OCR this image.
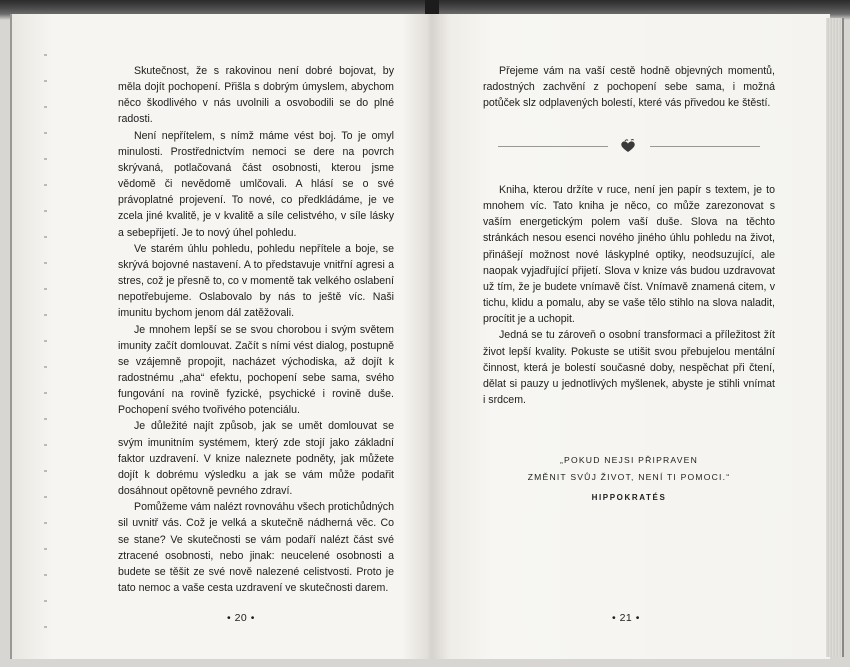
Skutečnost, že s rakovinou není dobré bojovat, by měla dojít pochopení. Přišla s dobrým úmyslem, abychom něco škodlivého v nás uvolnili a osvobodili se do plné radosti.

Není nepřítelem, s nímž máme vést boj. To je omyl minulosti. Prostřednictvím nemoci se dere na povrch skrývaná, potlačovaná část osobnosti, kterou jsme vědomě či nevědomě umlčovali. A hlásí se o své právoplatné projevení. To nové, co předkládáme, je ve zcela jiné kvalitě, je v kvalitě a síle celistvého, v síle lásky a sebepřijetí. Je to nový úhel pohledu.

Ve starém úhlu pohledu, pohledu nepřítele a boje, se skrývá bojovné nastavení. A to představuje vnitřní agresi a stres, což je přesně to, co v momentě tak velkého oslabení nepotřebujeme. Oslabovalo by nás to ještě víc. Naši imunitu bychom jenom dál zatěžovali.

Je mnohem lepší se se svou chorobou i svým světem imunity začít domlouvat. Začít s ními vést dialog, postupně se vzájemně propojit, nacházet východiska, až dojít k radostnému „aha“ efektu, pochopení sebe sama, svého fungování na rovině fyzické, psychické i rovině duše. Pochopení svého tvořivého potenciálu.

Je důležité najít způsob, jak se umět domlouvat se svým imunitním systémem, který zde stojí jako základní faktor uzdravení. V knize naleznete podněty, jak můžete dojít k dobrému výsledku a jak se vám může podařit dosáhnout opětovně pevného zdraví.

Pomůžeme vám nalézt rovnováhu všech protichůdných sil uvnitř vás. Což je velká a skutečně nádherná věc. Co se stane? Ve skutečnosti se vám podaří nalézt část své ztracené osobnosti, nebo jinak: neucelené osobnosti a budete se těšit ze své nově nalezené celistvosti. Proto je tato nemoc a vaše cesta uzdravení ve skutečnosti darem.

Přejeme vám na vaší cestě hodně objevných momentů, radostných zachvění z pochopení sebe sama, i možná potůček slz odplavených bolestí, které vás přivedou ke štěstí.

Kniha, kterou držíte v ruce, není jen papír s textem, je to mnohem víc. Tato kniha je něco, co může zarezonovat s vaším energetickým polem vaší duše. Slova na těchto stránkách nesou esenci nového jiného úhlu pohledu na život, přinášejí možnost nové láskyplné optiky, neodsuzující, ale naopak vyjadřující přijetí. Slova v knize vás budou uzdravovat už tím, že je budete vnímavě číst. Vnímavě znamená citem, v tichu, klidu a pomalu, aby se vaše tělo stihlo na slova naladit, procítit je a uchopit.

Jedná se tu zároveň o osobní transformaci a příležitost žít život lepší kvality. Pokuste se utišit svou přebujelou mentální činnost, která je bolestí současné doby, nespěchat při čtení, dělat si pauzy u jednotlivých myšlenek, abyste je stihli vnímat i srdcem.

„POKUD NEJSI PŘIPRAVEN
ZMĚNIT SVŮJ ŽIVOT, NENÍ TI POMOCI.“
HIPPOKRATÉS
• 20 •	• 21 •
